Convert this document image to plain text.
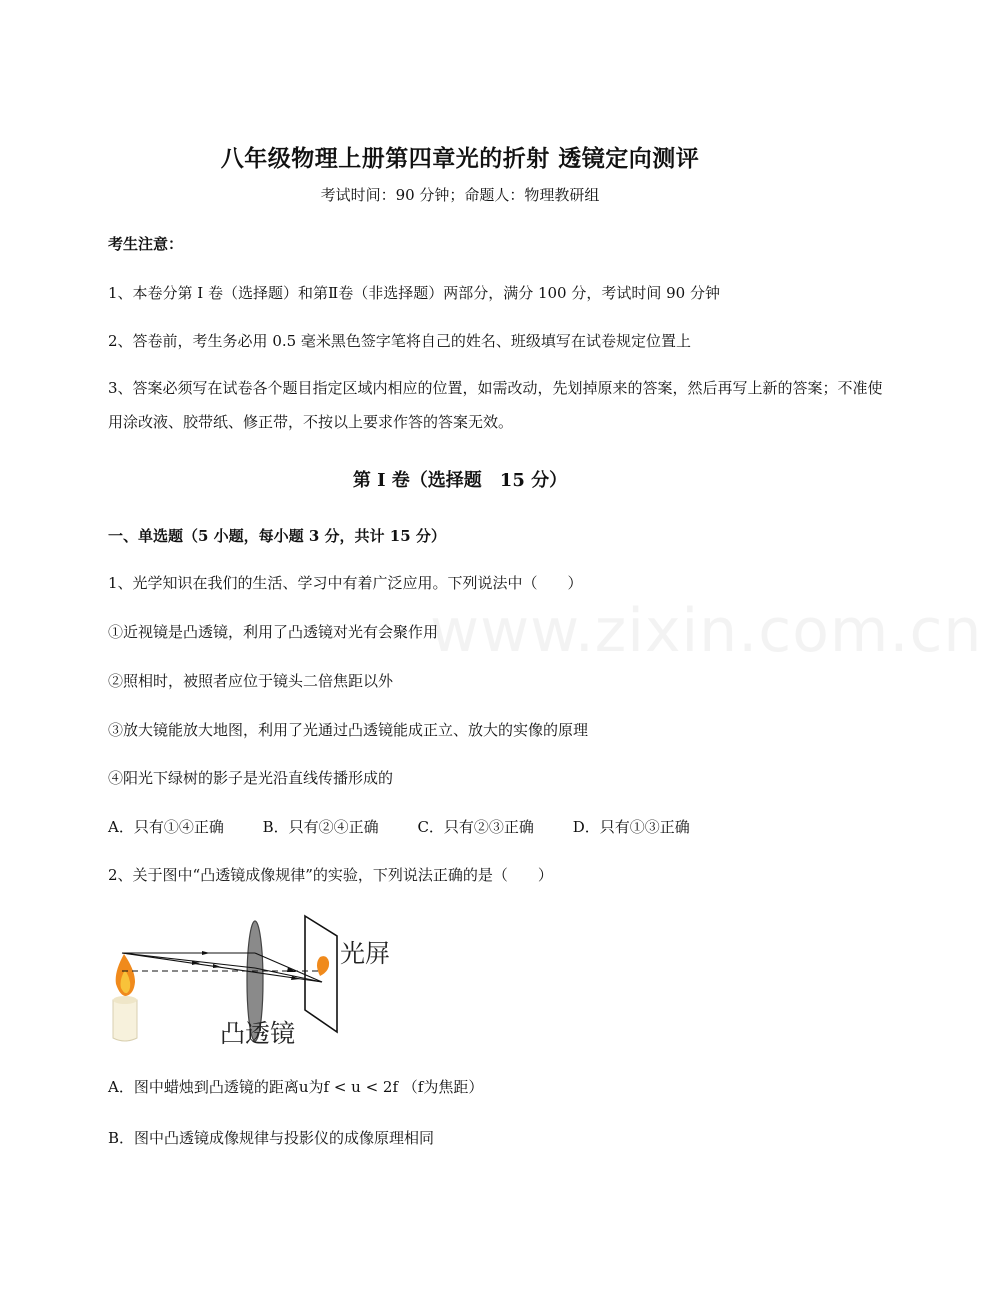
www.zixin.com.cn
八年级物理上册第四章光的折射 透镜定向测评
考试时间：90 分钟；命题人：物理教研组
考生注意：
1、本卷分第 I 卷（选择题）和第Ⅱ卷（非选择题）两部分，满分 100 分，考试时间 90 分钟
2、答卷前，考生务必用 0.5 毫米黑色签字笔将自己的姓名、班级填写在试卷规定位置上
3、答案必须写在试卷各个题目指定区域内相应的位置，如需改动，先划掉原来的答案，然后再写上新的答案；不准使用涂改液、胶带纸、修正带，不按以上要求作答的答案无效。
第 I 卷（选择题　15 分）
一、单选题（5 小题，每小题 3 分，共计 15 分）
1、光学知识在我们的生活、学习中有着广泛应用。下列说法中（　　）
①近视镜是凸透镜，利用了凸透镜对光有会聚作用
②照相时，被照者应位于镜头二倍焦距以外
③放大镜能放大地图，利用了光通过凸透镜能成正立、放大的实像的原理
④阳光下绿树的影子是光沿直线传播形成的
A．只有①④正确	B．只有②④正确	C．只有②③正确	D．只有①③正确
2、关于图中“凸透镜成像规律”的实验，下列说法正确的是（　　）
光屏
凸透镜
A．图中蜡烛到凸透镜的距离u为f < u < 2f （f为焦距）
B．图中凸透镜成像规律与投影仪的成像原理相同
